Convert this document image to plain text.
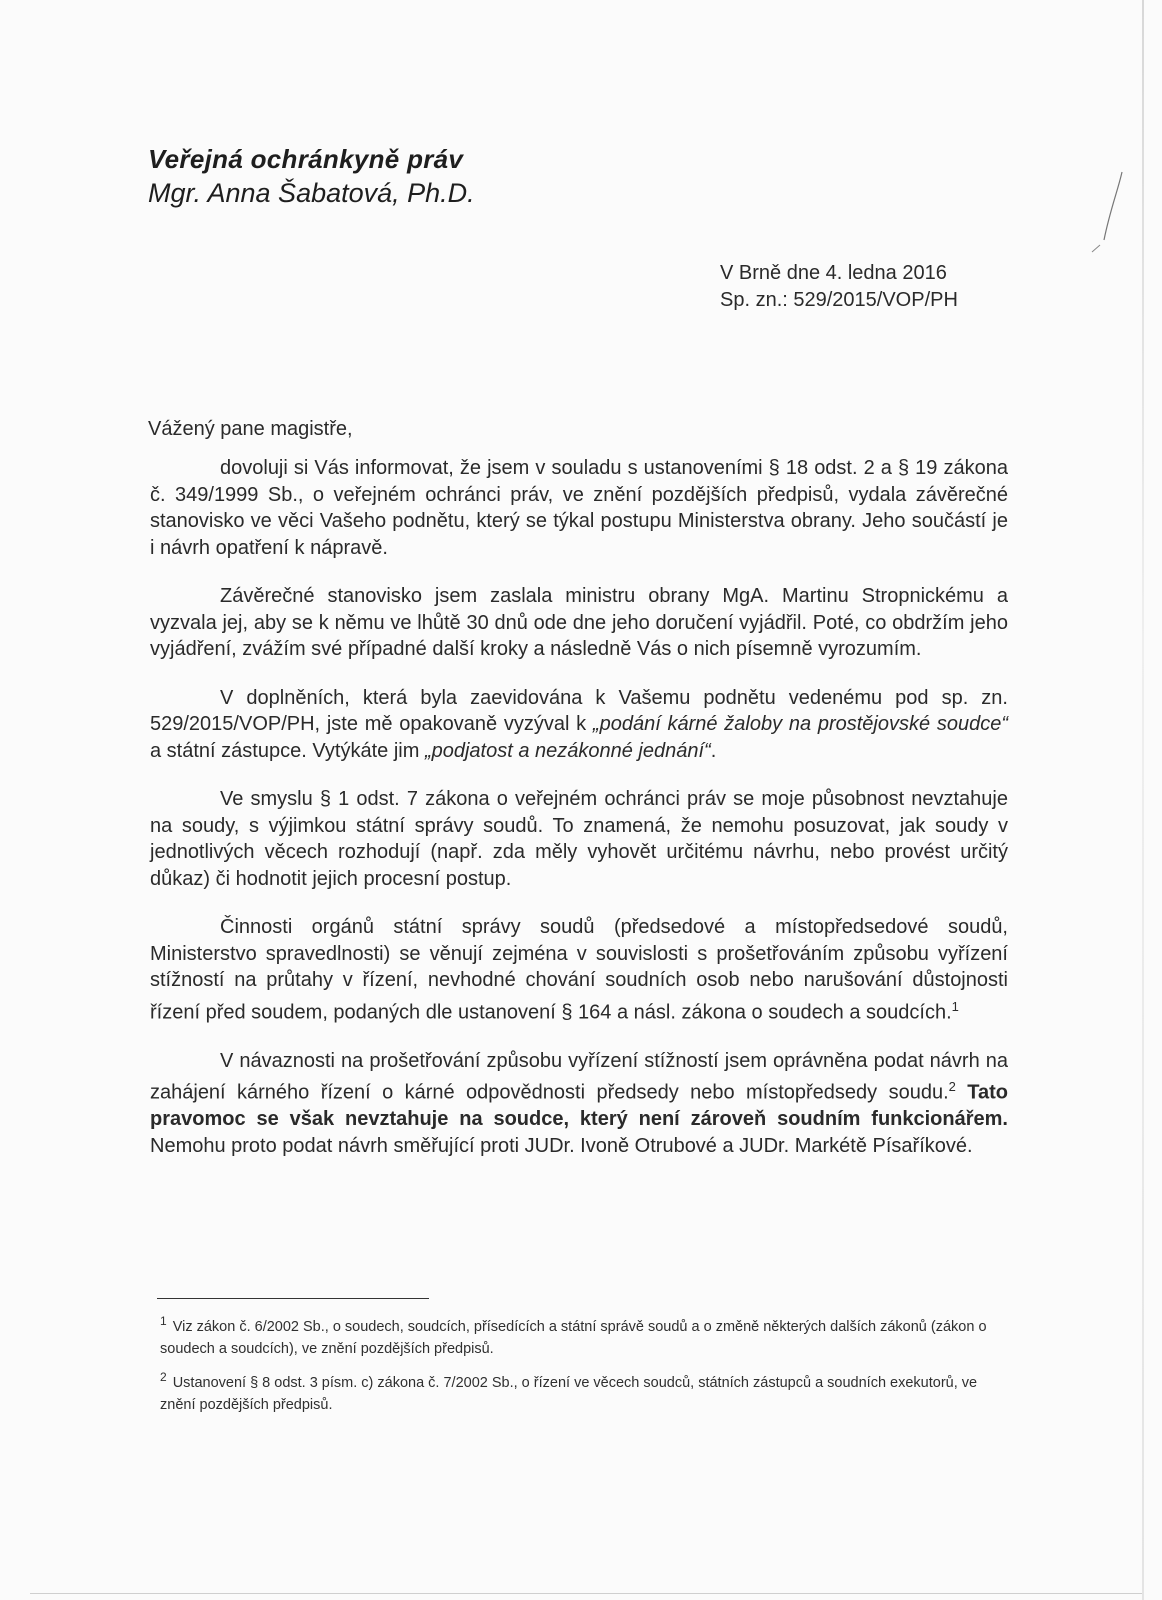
Veřejná ochránkyně práv
Mgr. Anna Šabatová, Ph.D.
V Brně dne 4. ledna 2016
Sp. zn.: 529/2015/VOP/PH
Vážený pane magistře,

dovoluji si Vás informovat, že jsem v souladu s ustanoveními § 18 odst. 2 a § 19 zákona č. 349/1999 Sb., o veřejném ochránci práv, ve znění pozdějších předpisů, vydala závěrečné stanovisko ve věci Vašeho podnětu, který se týkal postupu Ministerstva obrany. Jeho součástí je i návrh opatření k nápravě.

Závěrečné stanovisko jsem zaslala ministru obrany MgA. Martinu Stropnickému a vyzvala jej, aby se k němu ve lhůtě 30 dnů ode dne jeho doručení vyjádřil. Poté, co obdržím jeho vyjádření, zvážím své případné další kroky a následně Vás o nich písemně vyrozumím.

V doplněních, která byla zaevidována k Vašemu podnětu vedenému pod sp. zn. 529/2015/VOP/PH, jste mě opakovaně vyzýval k „podání kárné žaloby na prostějovské soudce“ a státní zástupce. Vytýkáte jim „podjatost a nezákonné jednání“.

Ve smyslu § 1 odst. 7 zákona o veřejném ochránci práv se moje působnost nevztahuje na soudy, s výjimkou státní správy soudů. To znamená, že nemohu posuzovat, jak soudy v jednotlivých věcech rozhodují (např. zda měly vyhovět určitému návrhu, nebo provést určitý důkaz) či hodnotit jejich procesní postup.

Činnosti orgánů státní správy soudů (předsedové a místopředsedové soudů, Ministerstvo spravedlnosti) se věnují zejména v souvislosti s prošetřováním způsobu vyřízení stížností na průtahy v řízení, nevhodné chování soudních osob nebo narušování důstojnosti řízení před soudem, podaných dle ustanovení § 164 a násl. zákona o soudech a soudcích.$^1$

V návaznosti na prošetřování způsobu vyřízení stížností jsem oprávněna podat návrh na zahájení kárného řízení o kárné odpovědnosti předsedy nebo místopředsedy soudu.$^2$ Tato pravomoc se však nevztahuje na soudce, který není zároveň soudním funkcionářem. Nemohu proto podat návrh směřující proti JUDr. Ivoně Otrubové a JUDr. Markétě Písaříkové.

$^1$ Viz zákon č. 6/2002 Sb., o soudech, soudcích, přísedících a státní správě soudů a o změně některých dalších zákonů (zákon o soudech a soudcích), ve znění pozdějších předpisů.
$^2$ Ustanovení § 8 odst. 3 písm. c) zákona č. 7/2002 Sb., o řízení ve věcech soudců, státních zástupců a soudních exekutorů, ve znění pozdějších předpisů.
